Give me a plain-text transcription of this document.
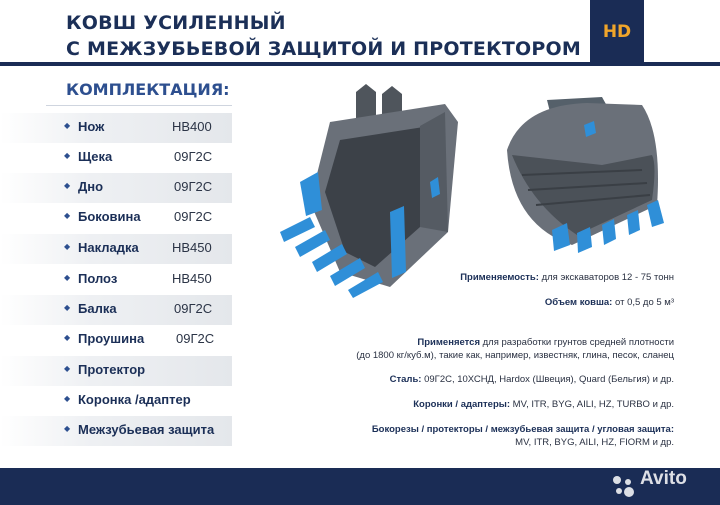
КОВШ УСИЛЕННЫЙ
С МЕЖЗУБЬЕВОЙ ЗАЩИТОЙ И ПРОТЕКТОРОМ
HD
КОМПЛЕКТАЦИЯ:
◆ Нож	HB400
◆ Щека	09Г2С
◆ Дно	09Г2С
◆ Боковина	09Г2С
◆ Накладка	HB450
◆ Полоз	HB450
◆ Балка	09Г2С
◆ Проушина 09Г2С
◆ Протектор
◆ Коронка /адаптер
◆ Межзубьевая защита
Применяемость: для экскаваторов 12 - 75 тонн
Объем ковша: от 0,5 до 5 м³
Применяется для разработки грунтов средней плотности
(до 1800 кг/куб.м), такие как, например, известняк, глина, песок, сланец
Сталь: 09Г2С, 10ХСНД, Hardox (Швеция), Quard (Бельгия) и др.
Коронки / адаптеры: MV, ITR, BYG, AILI, HZ, TURBO и др.
Бокорезы / протекторы / межзубьевая защита / угловая защита:
MV, ITR, BYG, AILI, HZ, FIORM и др.
СПЕЦКОМПЛЕКТ
Avito
